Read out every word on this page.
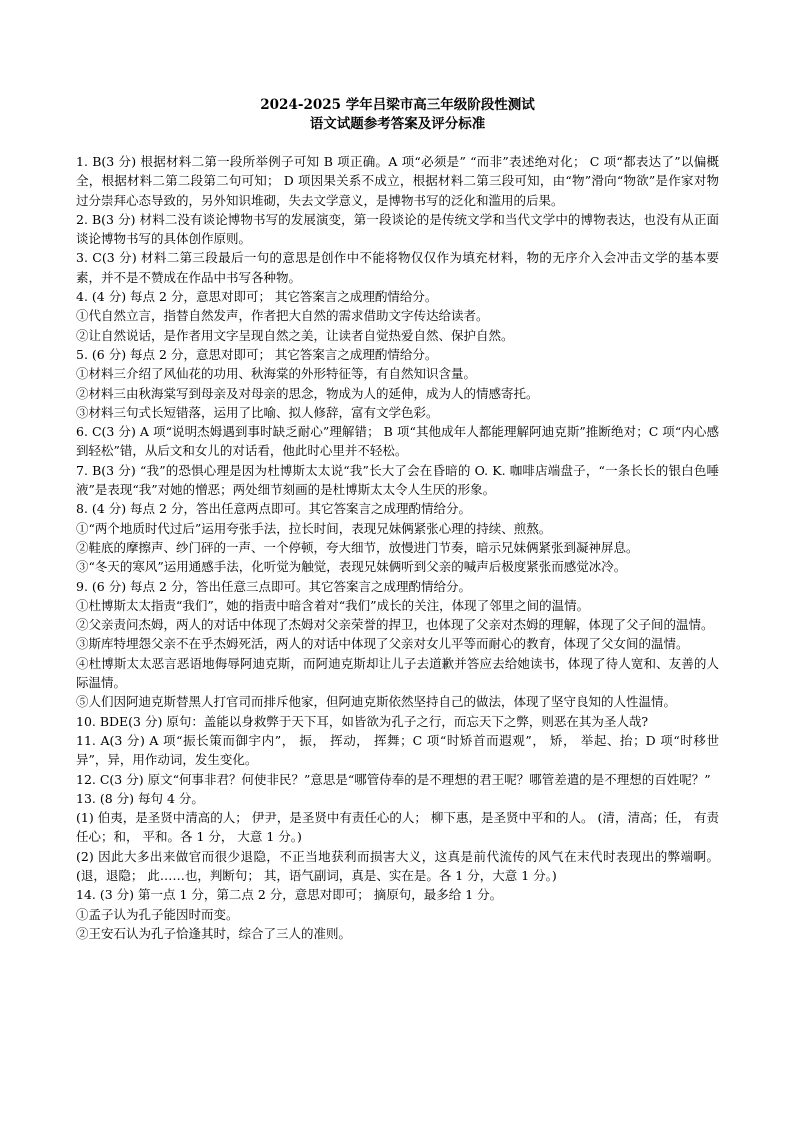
2024-2025 学年吕梁市高三年级阶段性测试

语文试题参考答案及评分标准

1. B(3 分) 根据材料二第一段所举例子可知 B 项正确。A 项“必须是” “而非”表述绝对化； C 项“都表达了”以偏概全，根据材料二第二段第二句可知； D 项因果关系不成立，根据材料二第三段可知，由“物”滑向“物欲”是作家对物过分崇拜心态导致的，另外知识堆砌，失去文学意义，是博物书写的泛化和滥用的后果。

2. B(3 分) 材料二没有谈论博物书写的发展演变，第一段谈论的是传统文学和当代文学中的博物表达，也没有从正面谈论博物书写的具体创作原则。

3. C(3 分) 材料二第三段最后一句的意思是创作中不能将物仅仅作为填充材料，物的无序介入会冲击文学的基本要素，并不是不赞成在作品中书写各种物。

4. (4 分) 每点 2 分，意思对即可； 其它答案言之成理酌情给分。

①代自然立言，指替自然发声，作者把大自然的需求借助文字传达给读者。

②让自然说话，是作者用文字呈现自然之美，让读者自觉热爱自然、保护自然。

5. (6 分) 每点 2 分，意思对即可； 其它答案言之成理酌情给分。

①材料三介绍了风仙花的功用、秋海棠的外形特征等，有自然知识含量。

②材料三由秋海棠写到母亲及对母亲的思念，物成为人的延伸，成为人的情感寄托。

③材料三句式长短错落，运用了比喻、拟人修辞，富有文学色彩。

6. C(3 分) A 项“说明杰姆遇到事时缺乏耐心”理解错； B 项“其他成年人都能理解阿迪克斯”推断绝对；C 项“内心感到轻松”错，从后文和女儿的对话看，他此时心里并不轻松。

7. B(3 分) “我”的恐惧心理是因为杜博斯太太说“我”长大了会在昏暗的 O. K. 咖啡店端盘子，“一条长长的银白色唾液”是表现“我”对她的憎恶；两处细节刻画的是杜博斯太太令人生厌的形象。

8. (4 分) 每点 2 分，答出任意两点即可。其它答案言之成理酌情给分。

①“两个地质时代过后”运用夸张手法，拉长时间，表现兄妹俩紧张心理的持续、煎熬。

②鞋底的摩擦声、纱门砰的一声、一个停顿，夸大细节，放慢进门节奏，暗示兄妹俩紧张到凝神屏息。

③“冬天的寒风”运用通感手法，化听觉为触觉，表现兄妹俩听到父亲的喊声后极度紧张而感觉冰冷。

9. (6 分) 每点 2 分，答出任意三点即可。其它答案言之成理酌情给分。

①杜博斯太太指责“我们”，她的指责中暗含着对“我们”成长的关注，体现了邻里之间的温情。

②父亲责问杰姆，两人的对话中体现了杰姆对父亲荣誉的捍卫，也体现了父亲对杰姆的理解，体现了父子间的温情。

③斯库特埋怨父亲不在乎杰姆死活，两人的对话中体现了父亲对女儿平等而耐心的教育，体现了父女间的温情。

④杜博斯太太恶言恶语地侮辱阿迪克斯，而阿迪克斯却让儿子去道歉并答应去给她读书，体现了待人宽和、友善的人际温情。

⑤人们因阿迪克斯替黑人打官司而排斥他家，但阿迪克斯依然坚持自己的做法，体现了坚守良知的人性温情。

10. BDE(3 分) 原句：盖能以身救弊于天下耳，如皆欲为孔子之行，而忘天下之弊，则恶在其为圣人哉?

11. A(3 分) A 项“振长策而御宇内”， 振， 挥动， 挥舞；C 项“时矫首而遐观”， 矫， 举起、抬；D 项“时移世异”，异，用作动词，发生变化。

12. C(3 分) 原文“何事非君？何使非民？”意思是“哪管侍奉的是不理想的君王呢？哪管差遣的是不理想的百姓呢？”

13. (8 分) 每句 4 分。

(1) 伯夷，是圣贤中清高的人； 伊尹，是圣贤中有责任心的人； 柳下惠，是圣贤中平和的人。 (清，清高；任， 有责任心；和， 平和。各 1 分， 大意 1 分。)

(2) 因此大多出来做官而很少退隐，不正当地获利而损害大义，这真是前代流传的风气在末代时表现出的弊端啊。 (退，退隐； 此……也，判断句； 其，语气副词，真是、实在是。各 1 分，大意 1 分。)

14. (3 分) 第一点 1 分，第二点 2 分，意思对即可； 摘原句，最多给 1 分。

①孟子认为孔子能因时而变。

②王安石认为孔子恰逢其时，综合了三人的准则。
